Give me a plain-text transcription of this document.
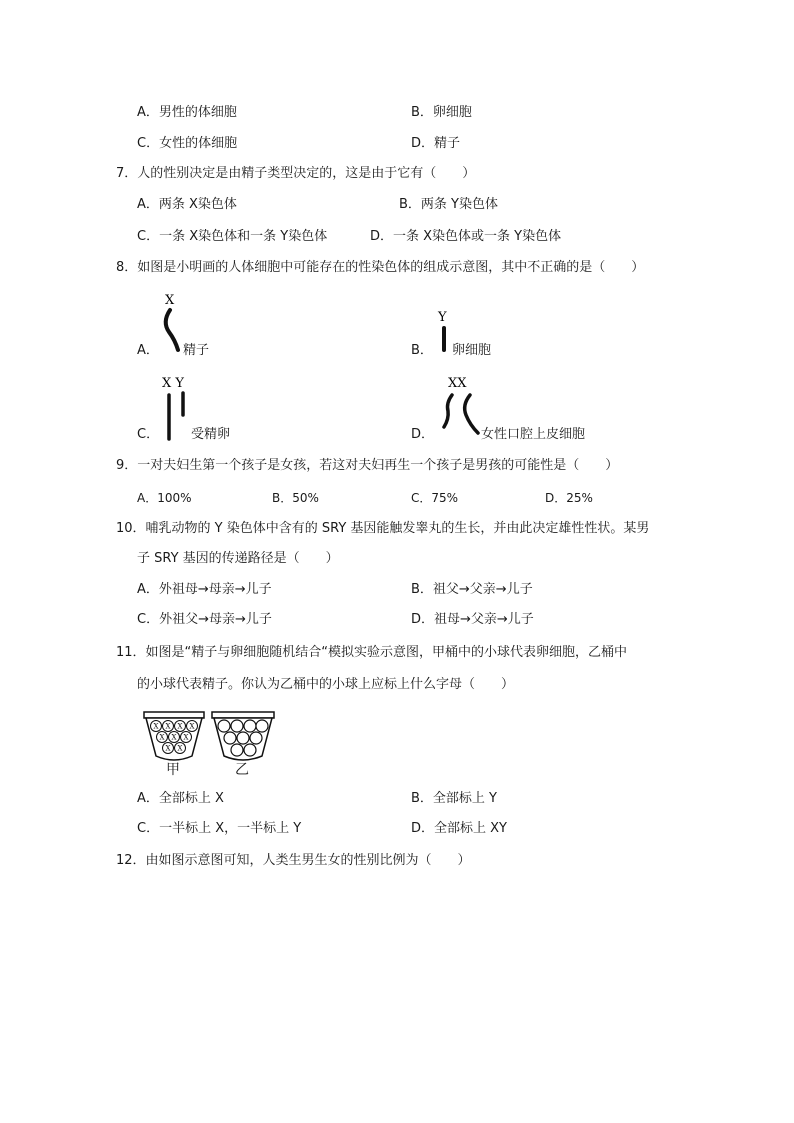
A．男性的体细胞	B．卵细胞
C．女性的体细胞	D．精子
7．人的性别决定是由精子类型决定的，这是由于它有（　　）
A．两条 X染色体	B．两条 Y染色体
C．一条 X染色体和一条 Y染色体	D．一条 X染色体或一条 Y染色体
8．如图是小明画的人体细胞中可能存在的性染色体的组成示意图，其中不正确的是（　　）
A．
X
精子	B．
Y
卵细胞
C．
X Y
受精卵	D．
XX
女性口腔上皮细胞
9．一对夫妇生第一个孩子是女孩，若这对夫妇再生一个孩子是男孩的可能性是（　　）
A．100%	B．50%	C．75%	D．25%
10．哺乳动物的 Y 染色体中含有的 SRY 基因能触发睾丸的生长，并由此决定雄性性状。某男
子 SRY 基因的传递路径是（　　）
A．外祖母→母亲→儿子	B．祖父→父亲→儿子
C．外祖父→母亲→儿子	D．祖母→父亲→儿子
11．如图是“精子与卵细胞随机结合“模拟实验示意图，甲桶中的小球代表卵细胞，乙桶中
的小球代表精子。你认为乙桶中的小球上应标上什么字母（　　）
X X X X
X X X
X X
甲	乙
A．全部标上 X	B．全部标上 Y
C．一半标上 X，一半标上 Y	D．全部标上 XY
12．由如图示意图可知，人类生男生女的性别比例为（　　）
